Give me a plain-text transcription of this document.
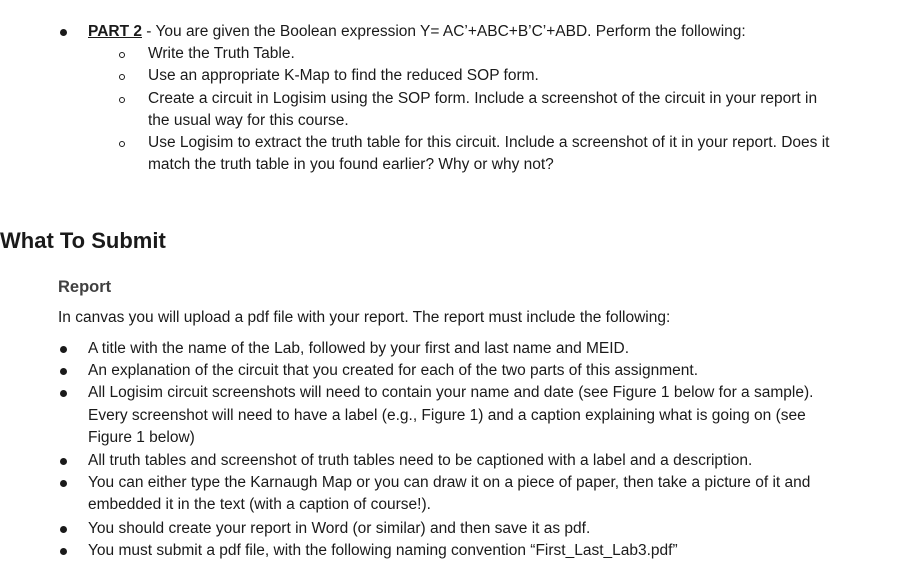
PART 2 - You are given the Boolean expression Y= AC’+ABC+B’C’+ABD. Perform the following:
Write the Truth Table.
Use an appropriate K-Map to find the reduced SOP form.
Create a circuit in Logisim using the SOP form. Include a screenshot of the circuit in your report in
the usual way for this course.
Use Logisim to extract the truth table for this circuit. Include a screenshot of it in your report. Does it
match the truth table in you found earlier? Why or why not?
What To Submit
Report
In canvas you will upload a pdf file with your report. The report must include the following:
A title with the name of the Lab, followed by your first and last name and MEID.
An explanation of the circuit that you created for each of the two parts of this assignment.
All Logisim circuit screenshots will need to contain your name and date (see Figure 1 below for a sample).
Every screenshot will need to have a label (e.g., Figure 1) and a caption explaining what is going on (see
Figure 1 below)
All truth tables and screenshot of truth tables need to be captioned with a label and a description.
You can either type the Karnaugh Map or you can draw it on a piece of paper, then take a picture of it and
embedded it in the text (with a caption of course!).
You should create your report in Word (or similar) and then save it as pdf.
You must submit a pdf file, with the following naming convention “First_Last_Lab3.pdf”
